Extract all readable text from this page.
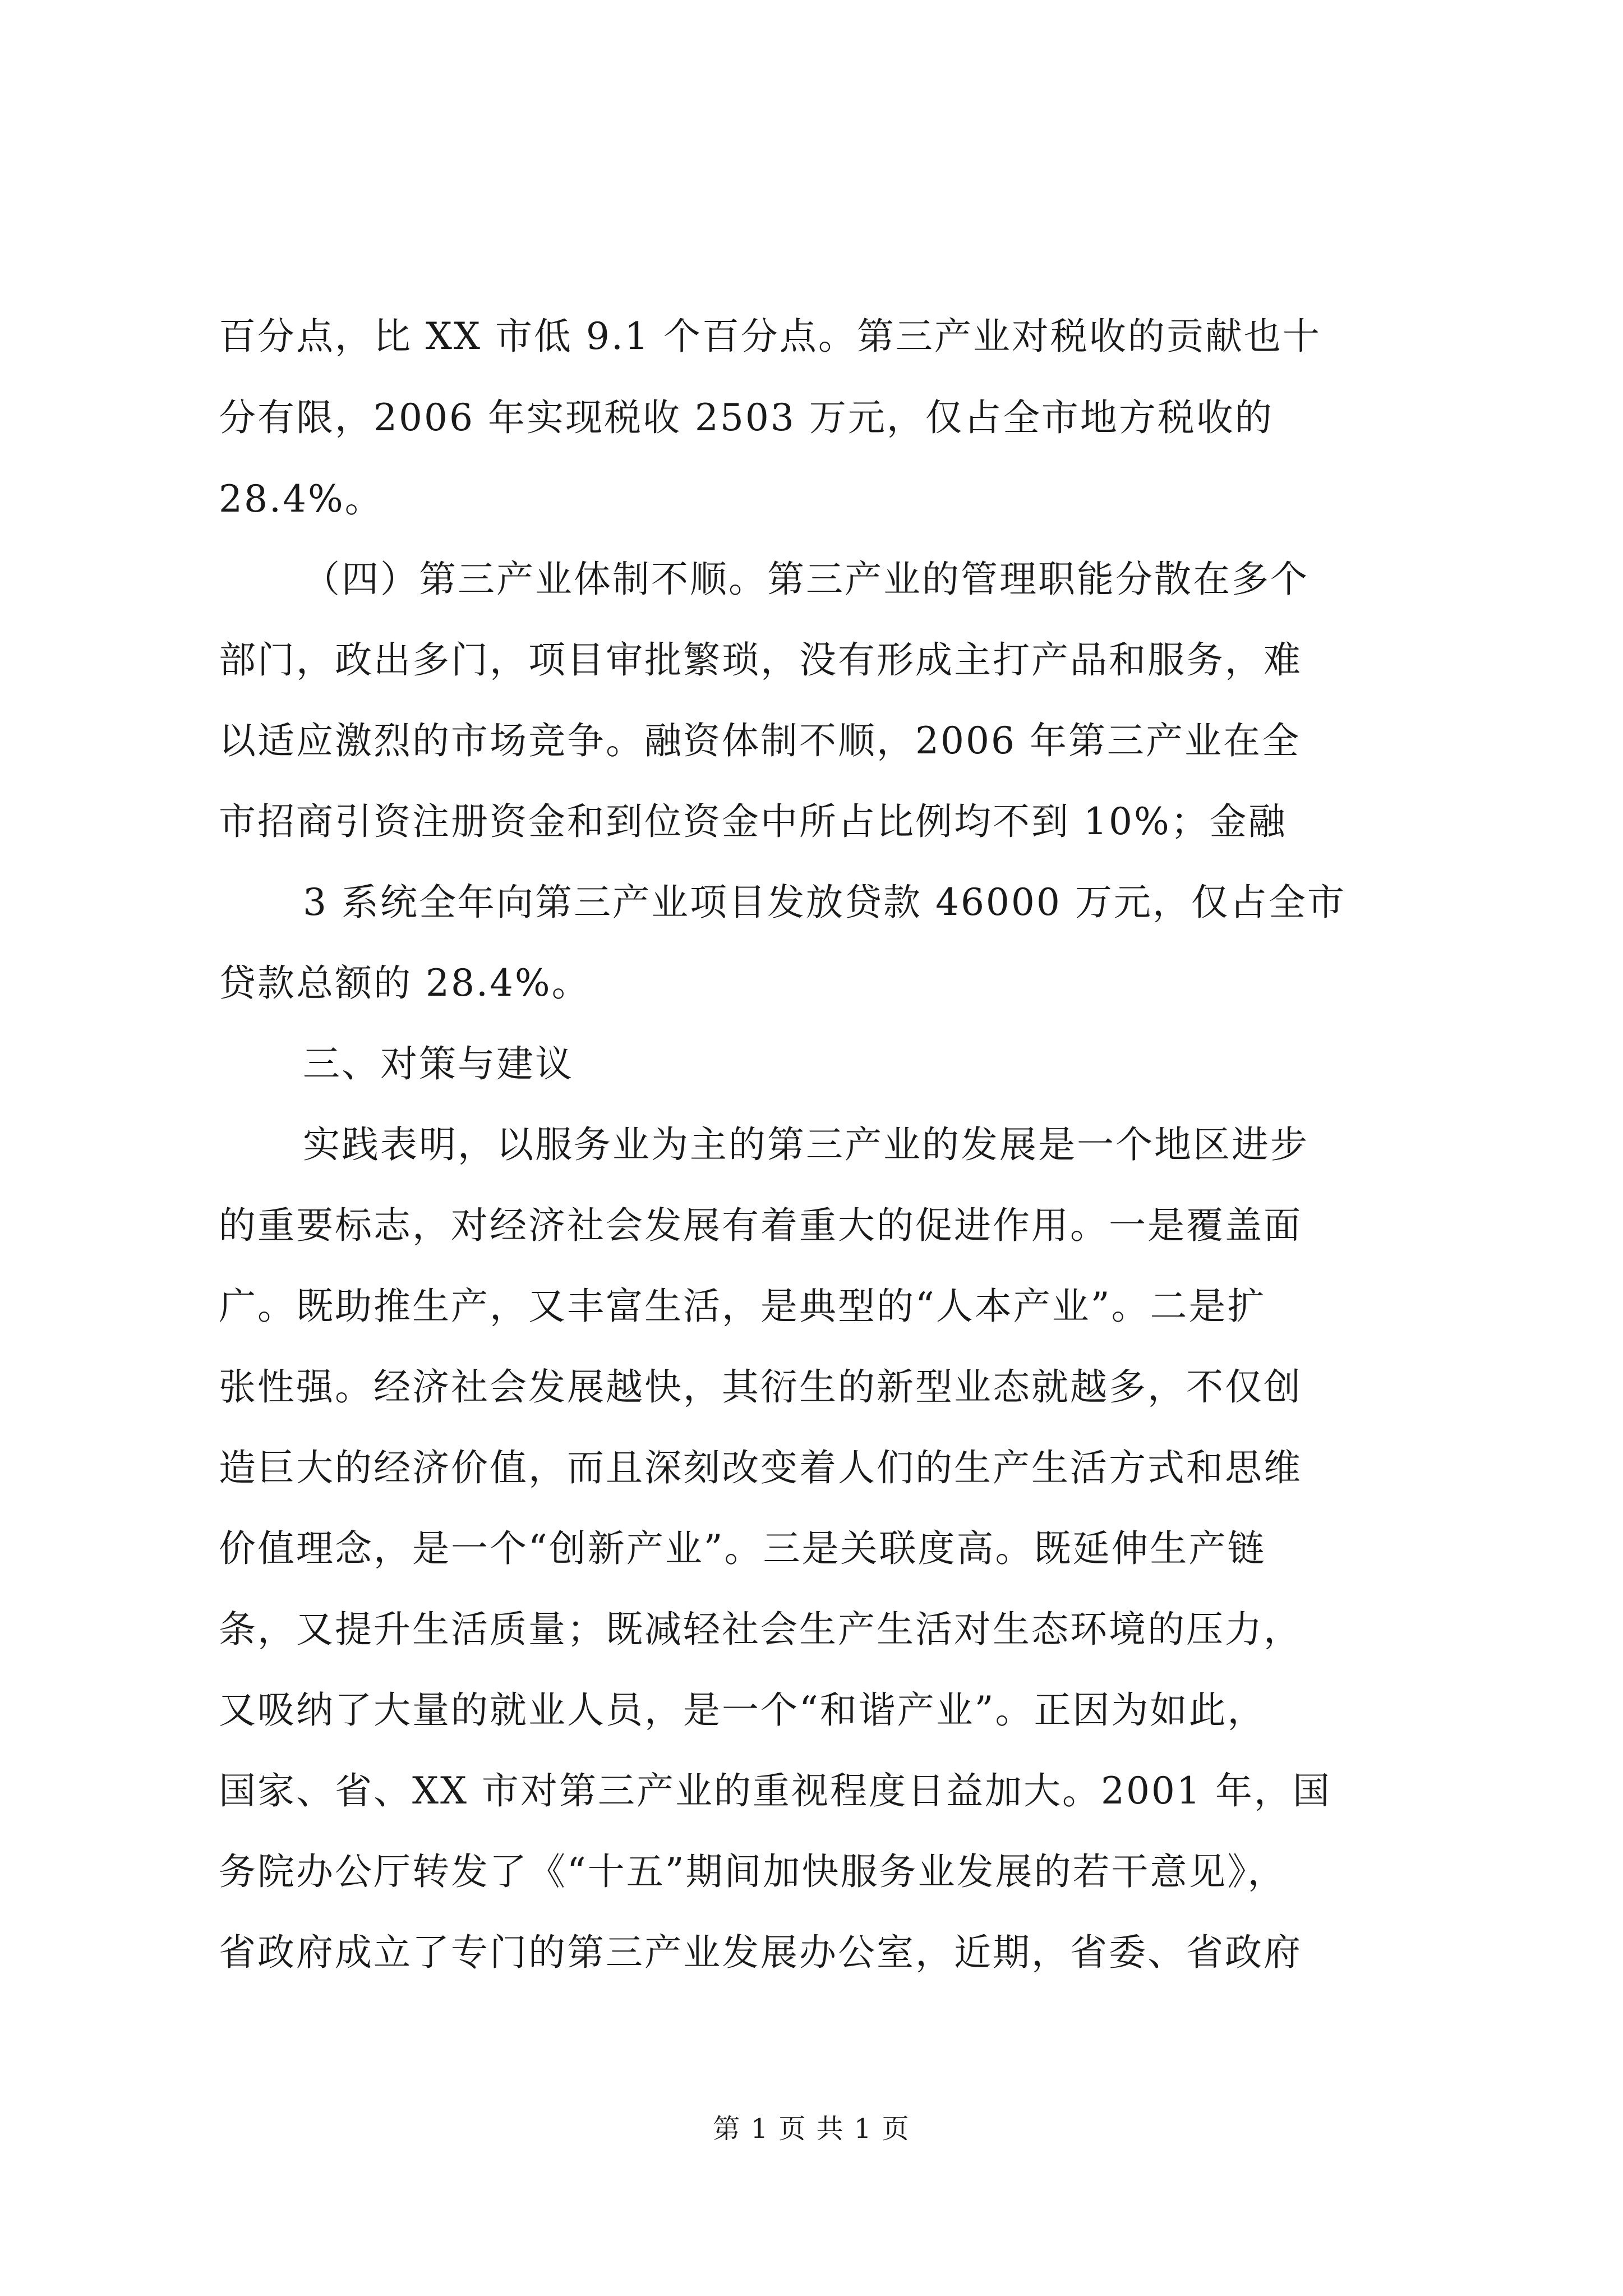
百分点，比 XX 市低 9.1 个百分点。第三产业对税收的贡献也十

分有限，2006 年实现税收 2503 万元，仅占全市地方税收的

28.4%。

（四）第三产业体制不顺。第三产业的管理职能分散在多个

部门，政出多门，项目审批繁琐，没有形成主打产品和服务，难

以适应激烈的市场竞争。融资体制不顺，2006 年第三产业在全

市招商引资注册资金和到位资金中所占比例均不到 10%；金融

3 系统全年向第三产业项目发放贷款 46000 万元，仅占全市

贷款总额的 28.4%。

三、对策与建议

实践表明，以服务业为主的第三产业的发展是一个地区进步

的重要标志，对经济社会发展有着重大的促进作用。一是覆盖面

广。既助推生产，又丰富生活，是典型的“人本产业”。二是扩

张性强。经济社会发展越快，其衍生的新型业态就越多，不仅创

造巨大的经济价值，而且深刻改变着人们的生产生活方式和思维

价值理念，是一个“创新产业”。三是关联度高。既延伸生产链

条，又提升生活质量；既减轻社会生产生活对生态环境的压力，

又吸纳了大量的就业人员，是一个“和谐产业”。正因为如此，

国家、省、XX 市对第三产业的重视程度日益加大。2001 年，国

务院办公厅转发了《“十五”期间加快服务业发展的若干意见》，

省政府成立了专门的第三产业发展办公室，近期，省委、省政府

第 1 页 共 1 页
